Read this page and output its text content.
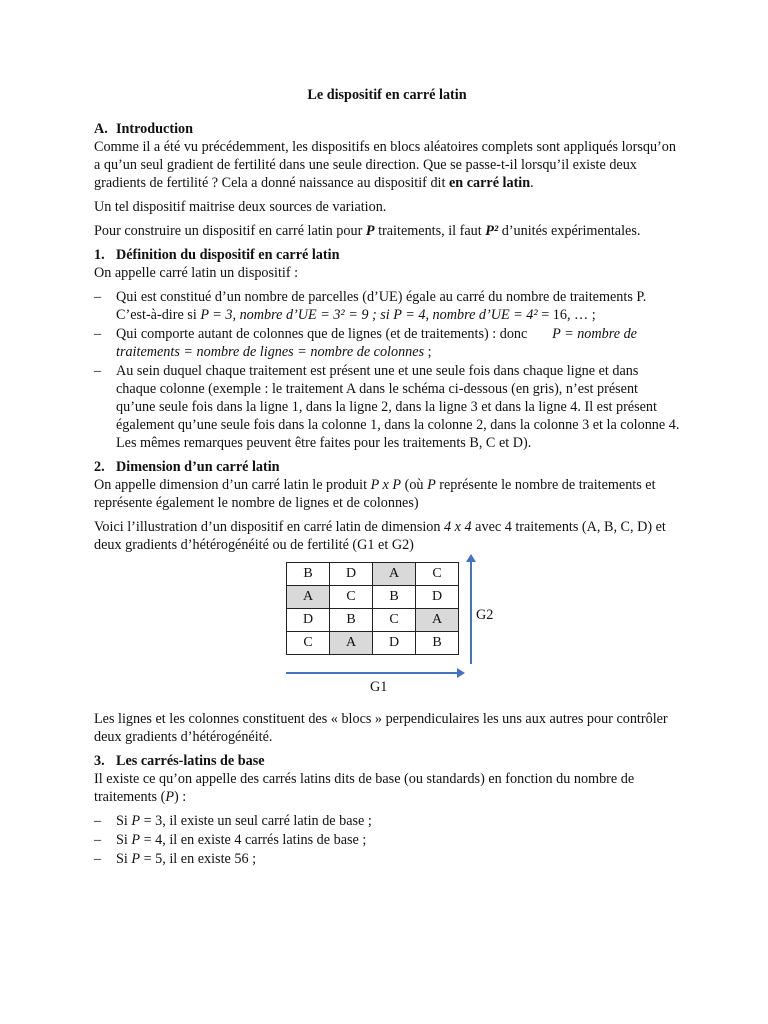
Le dispositif en carré latin

A. Introduction

Comme il a été vu précédemment, les dispositifs en blocs aléatoires complets sont appliqués lorsqu’on a qu’un seul gradient de fertilité dans une seule direction. Que se passe-t-il lorsqu’il existe deux gradients de fertilité ? Cela a donné naissance au dispositif dit en carré latin.

Un tel dispositif maitrise deux sources de variation.

Pour construire un dispositif en carré latin pour P traitements, il faut P² d’unités expérimentales.

1. Définition du dispositif en carré latin

On appelle carré latin un dispositif :

– Qui est constitué d’un nombre de parcelles (d’UE) égale au carré du nombre de traitements P. C’est-à-dire si P = 3, nombre d’UE = 3² = 9 ; si P = 4, nombre d’UE = 4² = 16, … ;
– Qui comporte autant de colonnes que de lignes (et de traitements) : donc P = nombre de traitements = nombre de lignes = nombre de colonnes ;
– Au sein duquel chaque traitement est présent une et une seule fois dans chaque ligne et dans chaque colonne (exemple : le traitement A dans le schéma ci-dessous (en gris), n’est présent qu’une seule fois dans la ligne 1, dans la ligne 2, dans la ligne 3 et dans la ligne 4. Il est présent également qu’une seule fois dans la colonne 1, dans la colonne 2, dans la colonne 3 et la colonne 4. Les mêmes remarques peuvent être faites pour les traitements B, C et D).

2. Dimension d’un carré latin

On appelle dimension d’un carré latin le produit P x P (où P représente le nombre de traitements et représente également le nombre de lignes et de colonnes)

Voici l’illustration d’un dispositif en carré latin de dimension 4 x 4 avec 4 traitements (A, B, C, D) et deux gradients d’hétérogénéité ou de fertilité (G1 et G2)

B	D	A	C
A	C	B	D
D	B	C	A
C	A	D	B
G2
G1

Les lignes et les colonnes constituent des « blocs » perpendiculaires les uns aux autres pour contrôler deux gradients d’hétérogénéité.

3. Les carrés-latins de base

Il existe ce qu’on appelle des carrés latins dits de base (ou standards) en fonction du nombre de traitements (P) :

– Si P = 3, il existe un seul carré latin de base ;
– Si P = 4, il en existe 4 carrés latins de base ;
– Si P = 5, il en existe 56 ;
